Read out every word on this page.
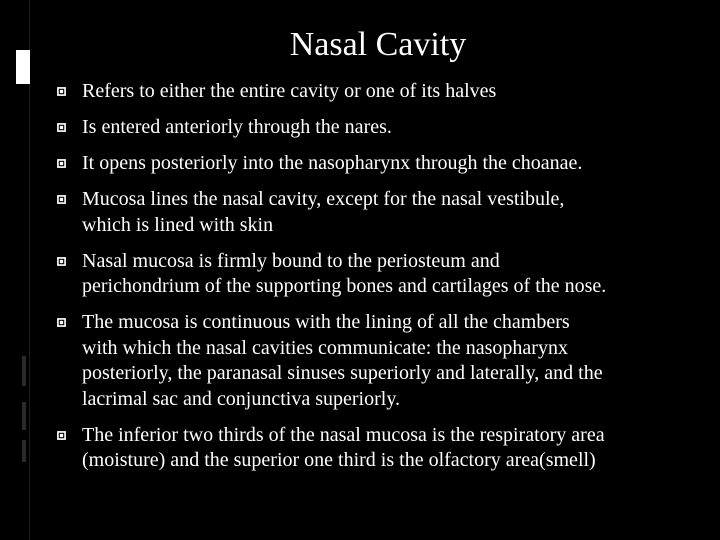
Nasal Cavity
Refers to either the entire cavity or one of its halves
Is entered anteriorly through the nares.
It opens posteriorly into the nasopharynx through the choanae.
Mucosa lines the nasal cavity, except for the nasal vestibule,
which is lined with skin
Nasal mucosa is firmly bound to the periosteum and
perichondrium of the supporting bones and cartilages of the nose.
The mucosa is continuous with the lining of all the chambers
with which the nasal cavities communicate: the nasopharynx
posteriorly, the paranasal sinuses superiorly and laterally, and the
lacrimal sac and conjunctiva superiorly.
The inferior two thirds of the nasal mucosa is the respiratory area
(moisture) and the superior one third is the olfactory area(smell)
